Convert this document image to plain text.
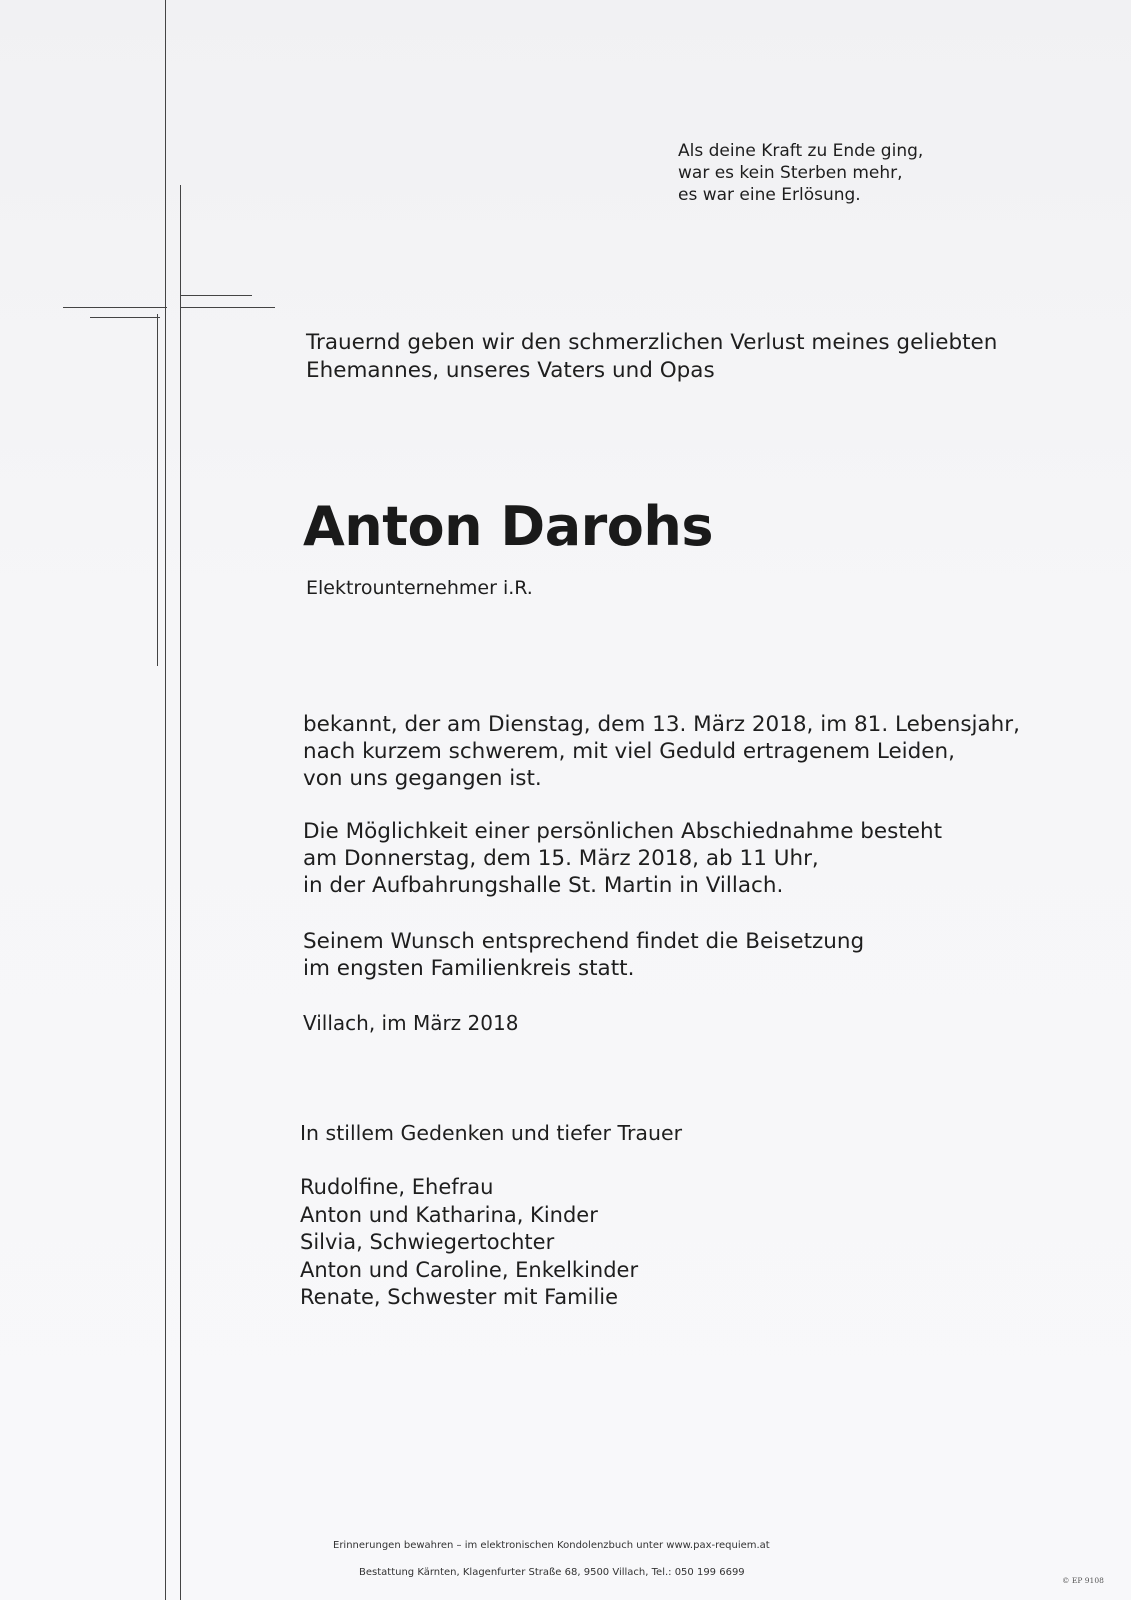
Als deine Kraft zu Ende ging,
war es kein Sterben mehr,
es war eine Erlösung.
Trauernd geben wir den schmerzlichen Verlust meines geliebten
Ehemannes, unseres Vaters und Opas
Anton Darohs
Elektrounternehmer i.R.
bekannt, der am Dienstag, dem 13. März 2018, im 81. Lebensjahr,
nach kurzem schwerem, mit viel Geduld ertragenem Leiden,
von uns gegangen ist.
Die Möglichkeit einer persönlichen Abschiednahme besteht
am Donnerstag, dem 15. März 2018, ab 11 Uhr,
in der Aufbahrungshalle St. Martin in Villach.
Seinem Wunsch entsprechend findet die Beisetzung
im engsten Familienkreis statt.
Villach, im März 2018
In stillem Gedenken und tiefer Trauer
Rudolfine, Ehefrau
Anton und Katharina, Kinder
Silvia, Schwiegertochter
Anton und Caroline, Enkelkinder
Renate, Schwester mit Familie
Erinnerungen bewahren – im elektronischen Kondolenzbuch unter www.pax-requiem.at
Bestattung Kärnten, Klagenfurter Straße 68, 9500 Villach, Tel.: 050 199 6699
© EP 9108
